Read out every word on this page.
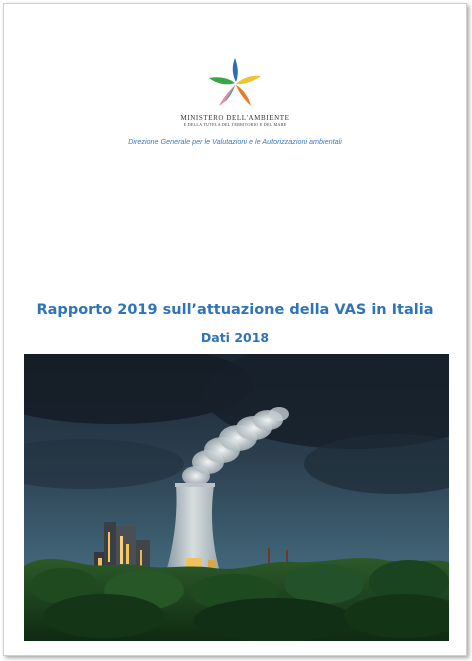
MINISTERO DELL'AMBIENTE
E DELLA TUTELA DEL TERRITORIO E DEL MARE
Direzione Generale per le Valutazioni e le Autorizzazioni ambientali
Rapporto 2019 sull’attuazione della VAS in Italia
Dati 2018
